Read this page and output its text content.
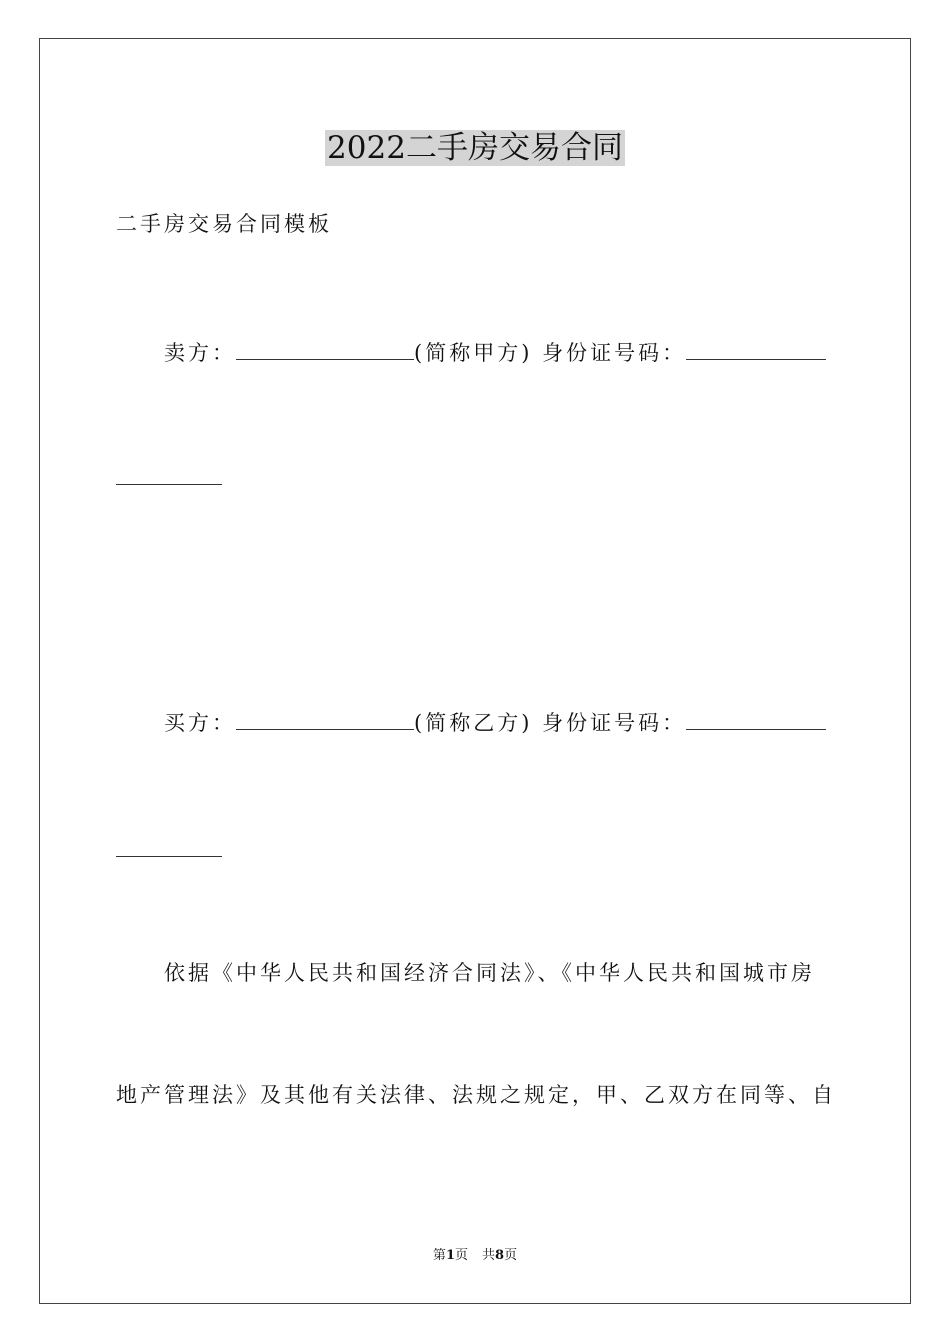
2022二手房交易合同
二手房交易合同模板
卖方：	(简称甲方) 身份证号码：
买方：	(简称乙方) 身份证号码：
依据《中华人民共和国经济合同法》、《中华人民共和国城市房
地产管理法》及其他有关法律、法规之规定，甲、乙双方在同等、自
第1页 共8页
